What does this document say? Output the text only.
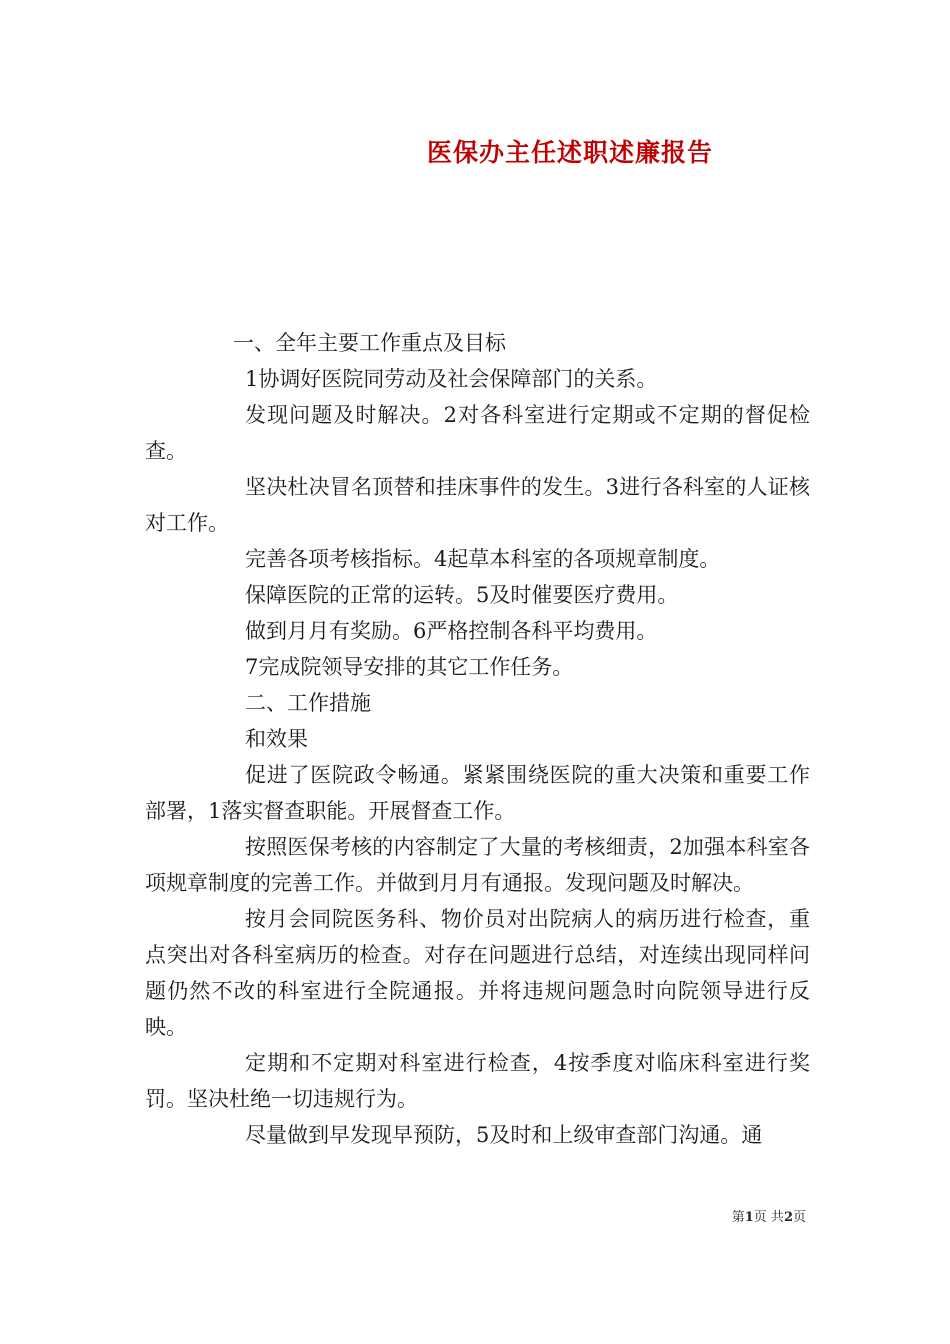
医保办主任述职述廉报告

一、全年主要工作重点及目标

1协调好医院同劳动及社会保障部门的关系。

发现问题及时解决。2对各科室进行定期或不定期的督促检查。

坚决杜决冒名顶替和挂床事件的发生。3进行各科室的人证核对工作。

完善各项考核指标。4起草本科室的各项规章制度。

保障医院的正常的运转。5及时催要医疗费用。

做到月月有奖励。6严格控制各科平均费用。

7完成院领导安排的其它工作任务。

二、工作措施

和效果

促进了医院政令畅通。紧紧围绕医院的重大决策和重要工作部署，1落实督查职能。开展督查工作。

按照医保考核的内容制定了大量的考核细责，2加强本科室各项规章制度的完善工作。并做到月月有通报。发现问题及时解决。

按月会同院医务科、物价员对出院病人的病历进行检查，重点突出对各科室病历的检查。对存在问题进行总结，对连续出现同样问题仍然不改的科室进行全院通报。并将违规问题急时向院领导进行反映。

定期和不定期对科室进行检查，4按季度对临床科室进行奖罚。坚决杜绝一切违规行为。

尽量做到早发现早预防，5及时和上级审查部门沟通。通

第1页 共2页
